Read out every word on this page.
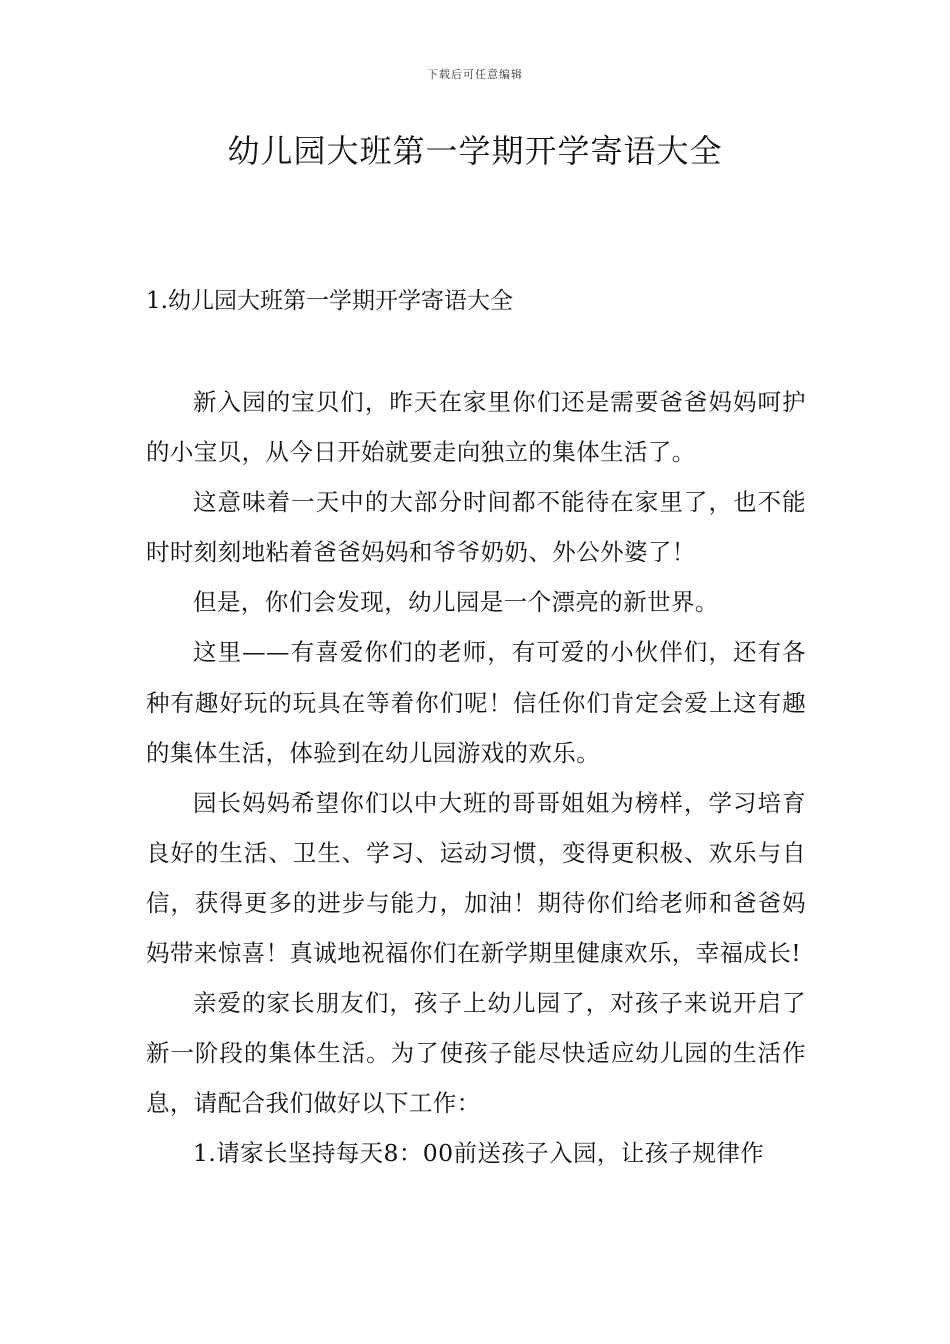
下载后可任意编辑
幼儿园大班第一学期开学寄语大全
1.幼儿园大班第一学期开学寄语大全

新入园的宝贝们，昨天在家里你们还是需要爸爸妈妈呵护的小宝贝，从今日开始就要走向独立的集体生活了。

这意味着一天中的大部分时间都不能待在家里了，也不能时时刻刻地粘着爸爸妈妈和爷爷奶奶、外公外婆了！

但是，你们会发现，幼儿园是一个漂亮的新世界。

这里——有喜爱你们的老师，有可爱的小伙伴们，还有各种有趣好玩的玩具在等着你们呢！信任你们肯定会爱上这有趣的集体生活，体验到在幼儿园游戏的欢乐。

园长妈妈希望你们以中大班的哥哥姐姐为榜样，学习培育良好的生活、卫生、学习、运动习惯，变得更积极、欢乐与自信，获得更多的进步与能力，加油！期待你们给老师和爸爸妈妈带来惊喜！真诚地祝福你们在新学期里健康欢乐，幸福成长!

亲爱的家长朋友们，孩子上幼儿园了，对孩子来说开启了新一阶段的集体生活。为了使孩子能尽快适应幼儿园的生活作息，请配合我们做好以下工作：

1.请家长坚持每天8：00前送孩子入园，让孩子规律作
